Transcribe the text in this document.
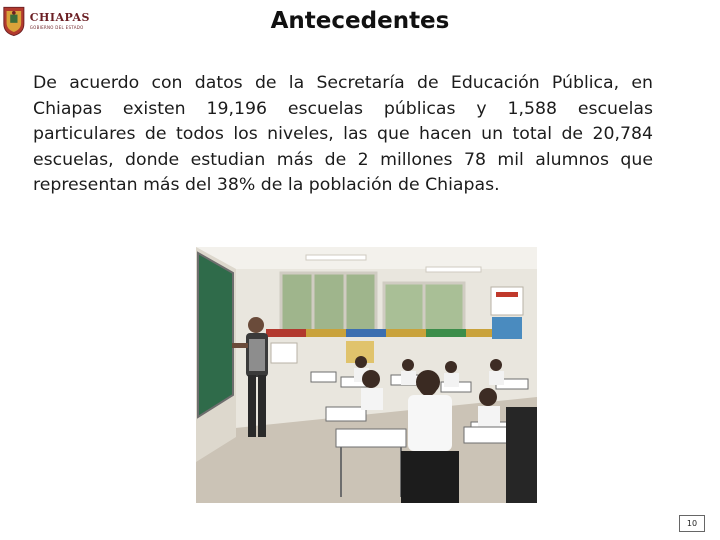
CHIAPAS
GOBIERNO DEL ESTADO	Antecedentes

De acuerdo con datos de la Secretaría de Educación Pública, en Chiapas existen 19,196 escuelas públicas y 1,588 escuelas particulares de todos los niveles, las que hacen un total de 20,784 escuelas, donde estudian más de 2 millones 78 mil alumnos que representan más del 38% de la población de Chiapas.

10
